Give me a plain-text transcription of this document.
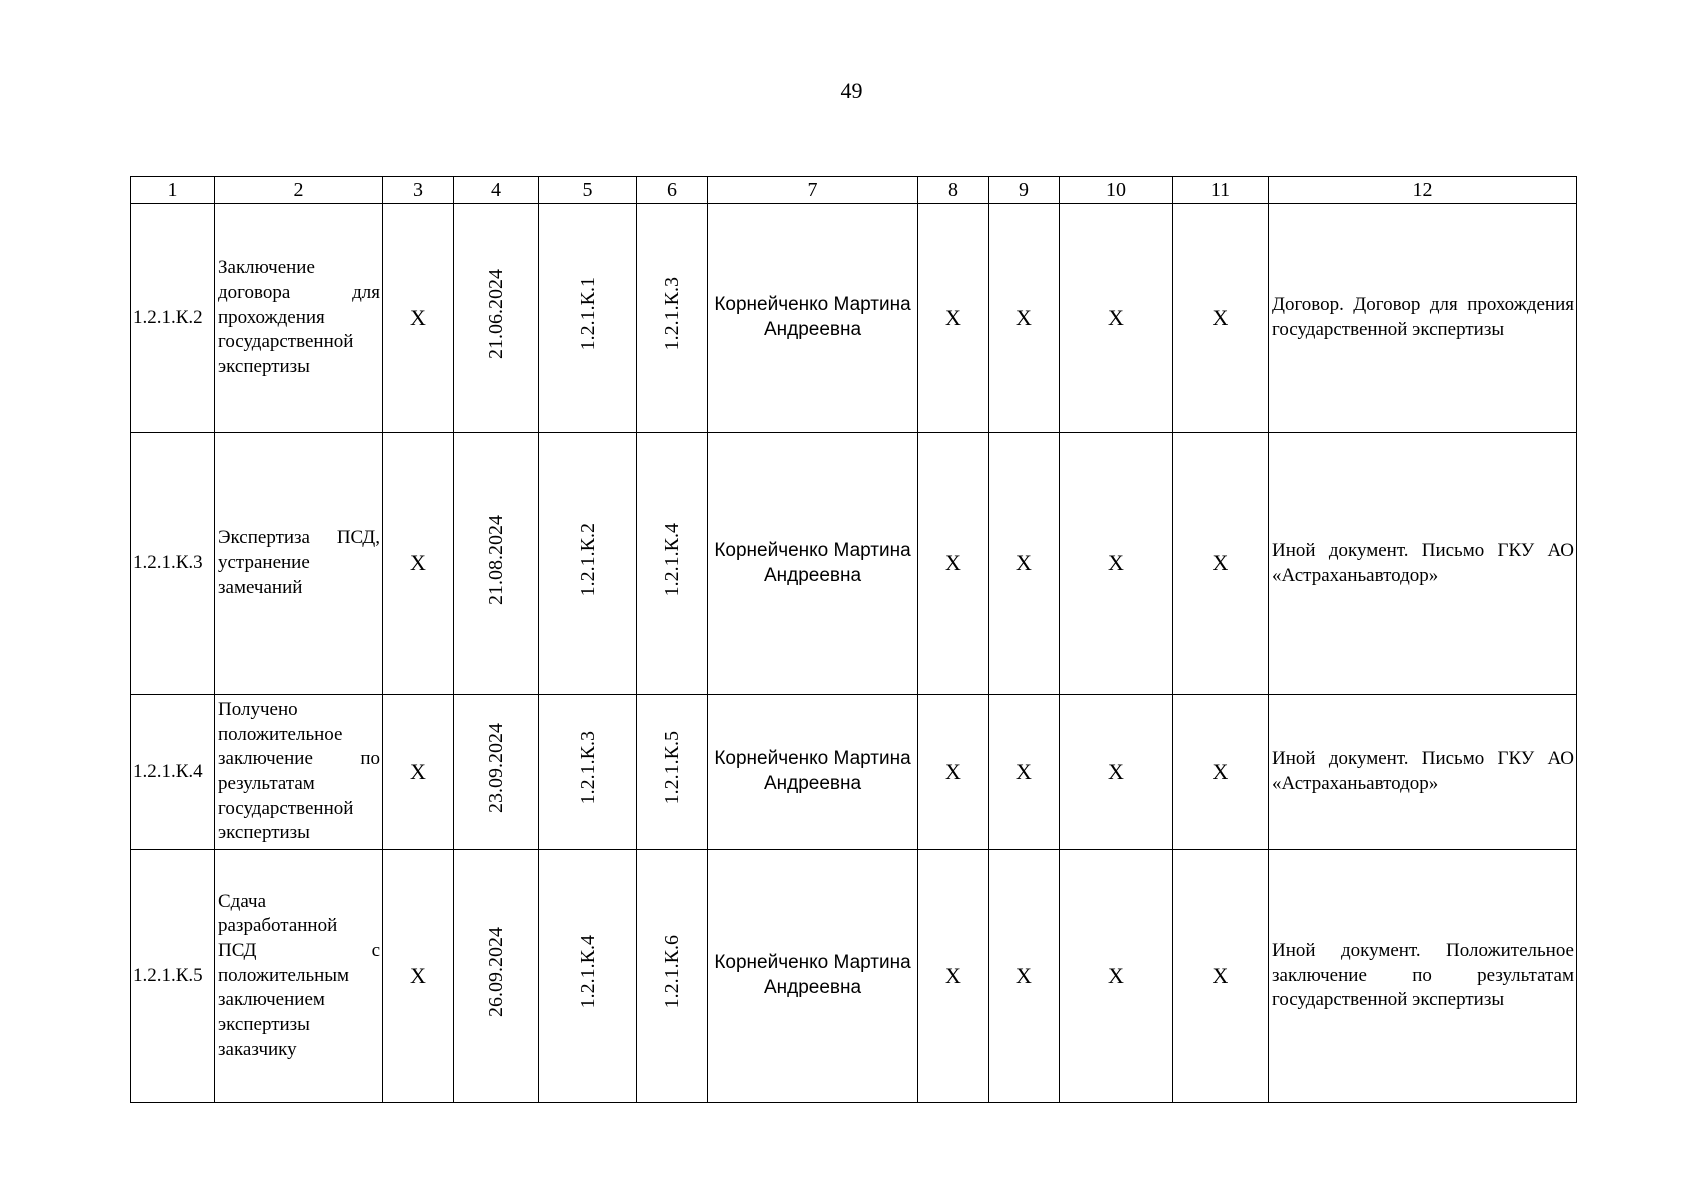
49
1	2	3	4	5	6	7	8	9	10	11	12
1.2.1.К.2	Заключение договора для прохождения государственной экспертизы	X	21.06.2024	1.2.1.К.1	1.2.1.К.3	Корнейченко Мартина Андреевна	X	X	X	X	Договор. Договор для прохождения государственной экспертизы
1.2.1.К.3	Экспертиза ПСД, устранение замечаний	X	21.08.2024	1.2.1.К.2	1.2.1.К.4	Корнейченко Мартина Андреевна	X	X	X	X	Иной документ. Письмо ГКУ АО «Астраханьавтодор»
1.2.1.К.4	Получено положительное заключение по результатам государственной экспертизы	X	23.09.2024	1.2.1.К.3	1.2.1.К.5	Корнейченко Мартина Андреевна	X	X	X	X	Иной документ. Письмо ГКУ АО «Астраханьавтодор»
1.2.1.К.5	Сдача разработанной ПСД с положительным заключением экспертизы заказчику	X	26.09.2024	1.2.1.К.4	1.2.1.К.6	Корнейченко Мартина Андреевна	X	X	X	X	Иной документ. Положительное заключение по результатам государственной экспертизы
